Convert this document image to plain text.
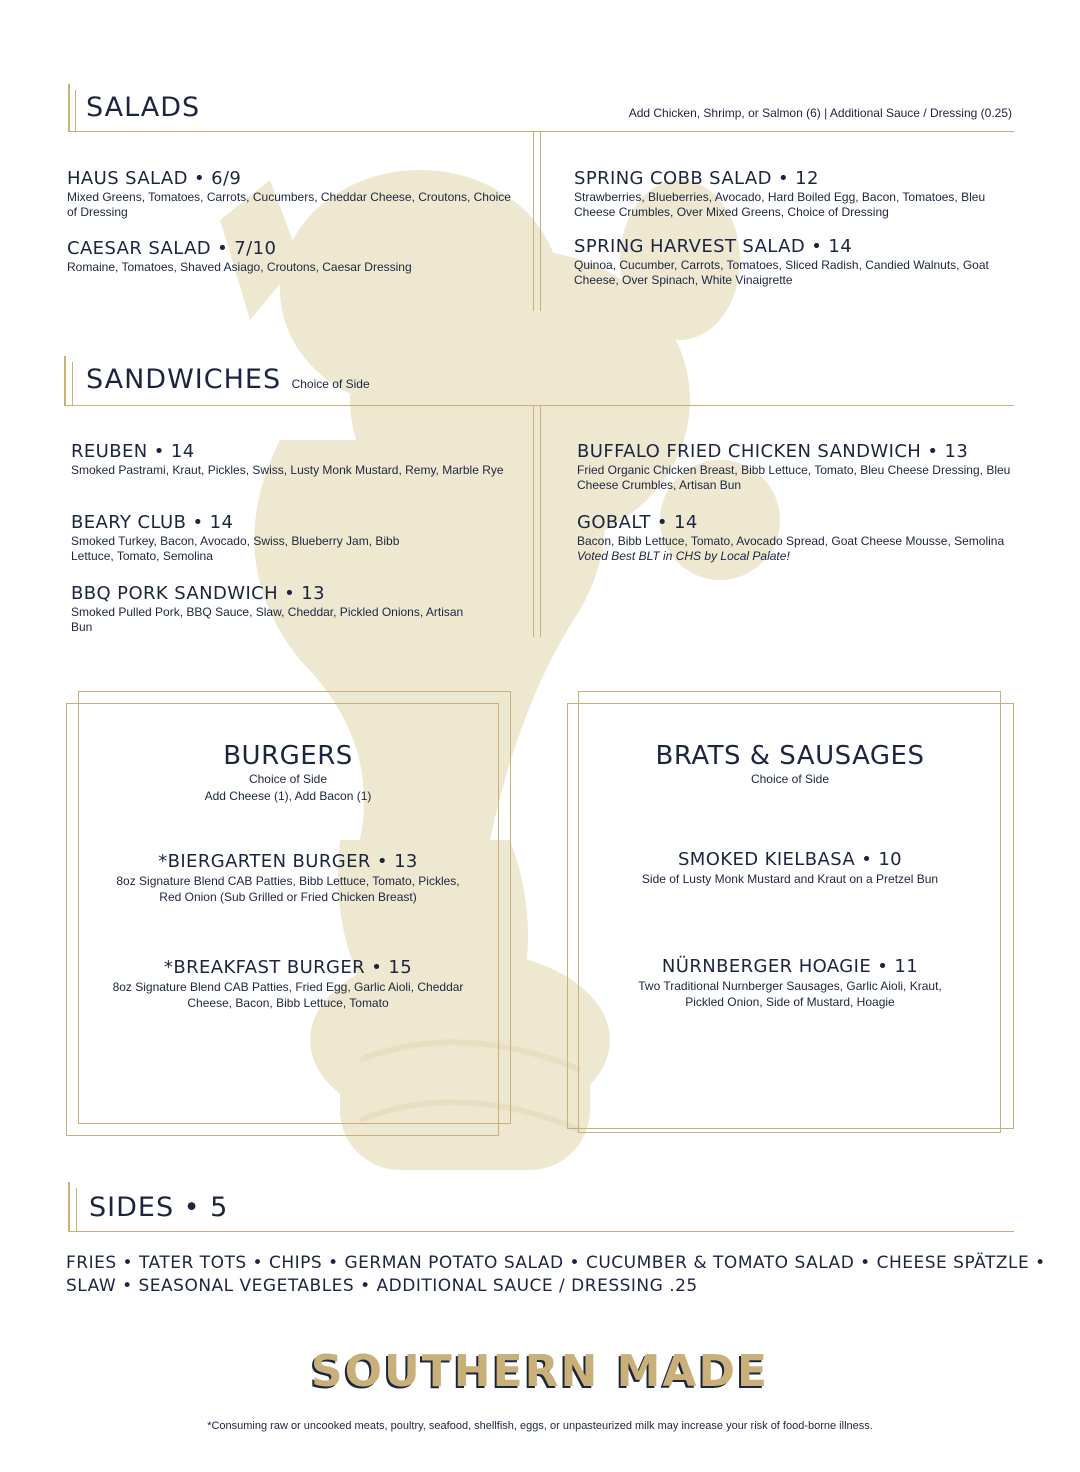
SALADS	Add Chicken, Shrimp, or Salmon (6) | Additional Sauce / Dressing (0.25)
HAUS SALAD • 6/9
Mixed Greens, Tomatoes, Carrots, Cucumbers, Cheddar Cheese, Croutons, Choice of Dressing
CAESAR SALAD • 7/10
Romaine, Tomatoes, Shaved Asiago, Croutons, Caesar Dressing
SPRING COBB SALAD • 12
Strawberries, Blueberries, Avocado, Hard Boiled Egg, Bacon, Tomatoes, Bleu Cheese Crumbles, Over Mixed Greens, Choice of Dressing
SPRING HARVEST SALAD • 14
Quinoa, Cucumber, Carrots, Tomatoes, Sliced Radish, Candied Walnuts, Goat Cheese, Over Spinach, White Vinaigrette
SANDWICHES Choice of Side
REUBEN • 14
Smoked Pastrami, Kraut, Pickles, Swiss, Lusty Monk Mustard, Remy, Marble Rye
BEARY CLUB • 14
Smoked Turkey, Bacon, Avocado, Swiss, Blueberry Jam, Bibb Lettuce, Tomato, Semolina
BBQ PORK SANDWICH • 13
Smoked Pulled Pork, BBQ Sauce, Slaw, Cheddar, Pickled Onions, Artisan Bun
BUFFALO FRIED CHICKEN SANDWICH • 13
Fried Organic Chicken Breast, Bibb Lettuce, Tomato, Bleu Cheese Dressing, Bleu Cheese Crumbles, Artisan Bun
GOBALT • 14
Bacon, Bibb Lettuce, Tomato, Avocado Spread, Goat Cheese Mousse, Semolina
Voted Best BLT in CHS by Local Palate!
BURGERS
Choice of Side
Add Cheese (1), Add Bacon (1)
*BIERGARTEN BURGER • 13
8oz Signature Blend CAB Patties, Bibb Lettuce, Tomato, Pickles, Red Onion (Sub Grilled or Fried Chicken Breast)
*BREAKFAST BURGER • 15
8oz Signature Blend CAB Patties, Fried Egg, Garlic Aioli, Cheddar Cheese, Bacon, Bibb Lettuce, Tomato
BRATS & SAUSAGES
Choice of Side
SMOKED KIELBASA • 10
Side of Lusty Monk Mustard and Kraut on a Pretzel Bun
NÜRNBERGER HOAGIE • 11
Two Traditional Nurnberger Sausages, Garlic Aioli, Kraut, Pickled Onion, Side of Mustard, Hoagie
SIDES • 5
FRIES • TATER TOTS • CHIPS • GERMAN POTATO SALAD • CUCUMBER & TOMATO SALAD • CHEESE SPÄTZLE •
SLAW • SEASONAL VEGETABLES • ADDITIONAL SAUCE / DRESSING .25
SOUTHERN MADE
*Consuming raw or uncooked meats, poultry, seafood, shellfish, eggs, or unpasteurized milk may increase your risk of food-borne illness.
